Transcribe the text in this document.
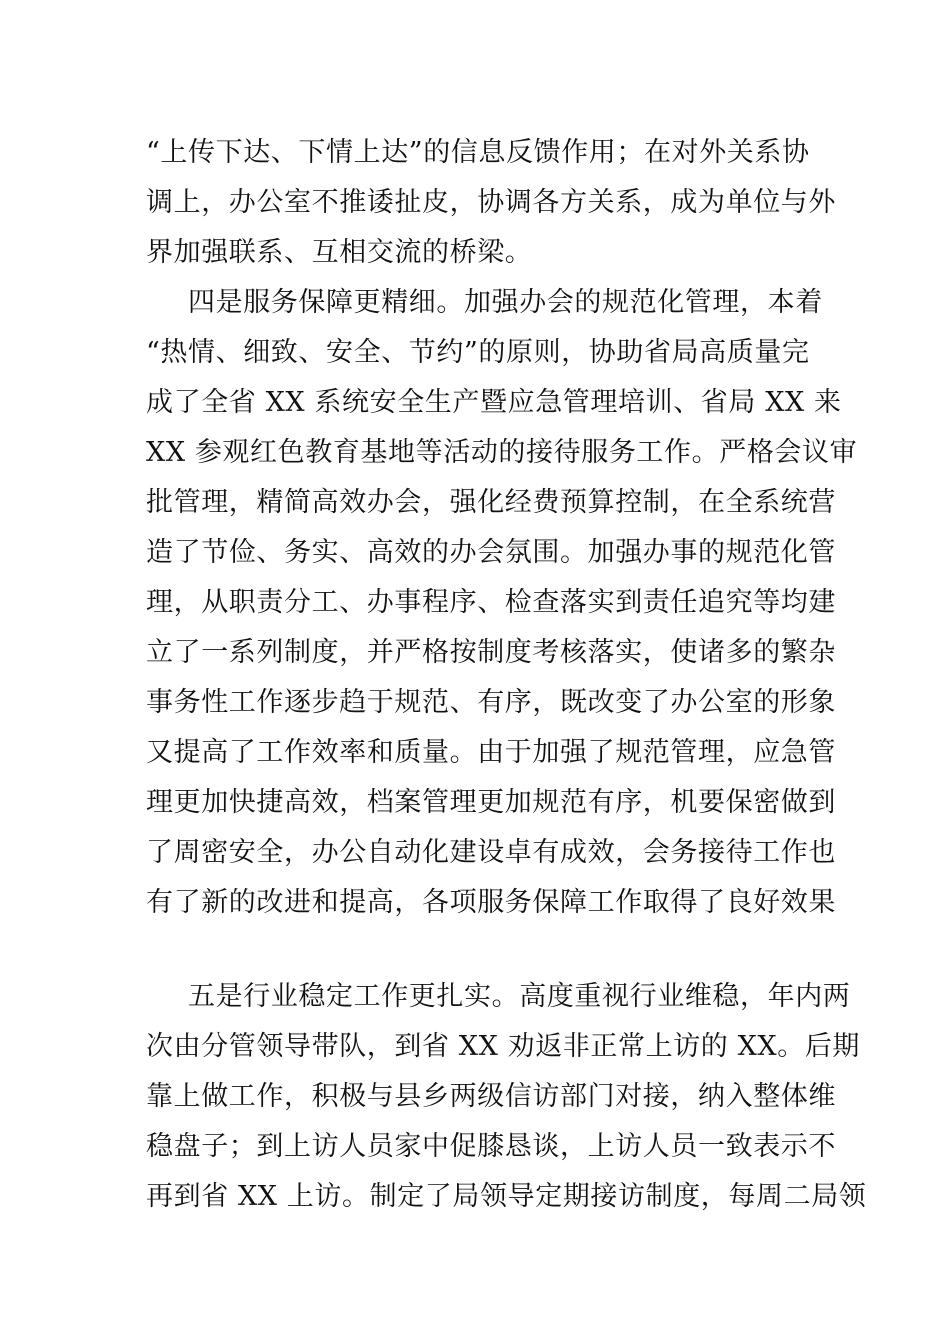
“上传下达、下情上达”的信息反馈作用；在对外关系协
调上，办公室不推诿扯皮，协调各方关系，成为单位与外
界加强联系、互相交流的桥梁。
四是服务保障更精细。加强办会的规范化管理，本着
“热情、细致、安全、节约”的原则，协助省局高质量完
成了全省 XX 系统安全生产暨应急管理培训、省局 XX 来
XX 参观红色教育基地等活动的接待服务工作。严格会议审
批管理，精简高效办会，强化经费预算控制，在全系统营
造了节俭、务实、高效的办会氛围。加强办事的规范化管
理，从职责分工、办事程序、检查落实到责任追究等均建
立了一系列制度，并严格按制度考核落实，使诸多的繁杂
事务性工作逐步趋于规范、有序，既改变了办公室的形象
又提高了工作效率和质量。由于加强了规范管理，应急管
理更加快捷高效，档案管理更加规范有序，机要保密做到
了周密安全，办公自动化建设卓有成效，会务接待工作也
有了新的改进和提高，各项服务保障工作取得了良好效果
五是行业稳定工作更扎实。高度重视行业维稳，年内两
次由分管领导带队，到省 XX 劝返非正常上访的 XX。后期
靠上做工作，积极与县乡两级信访部门对接，纳入整体维
稳盘子；到上访人员家中促膝恳谈，上访人员一致表示不
再到省 XX 上访。制定了局领导定期接访制度，每周二局领
